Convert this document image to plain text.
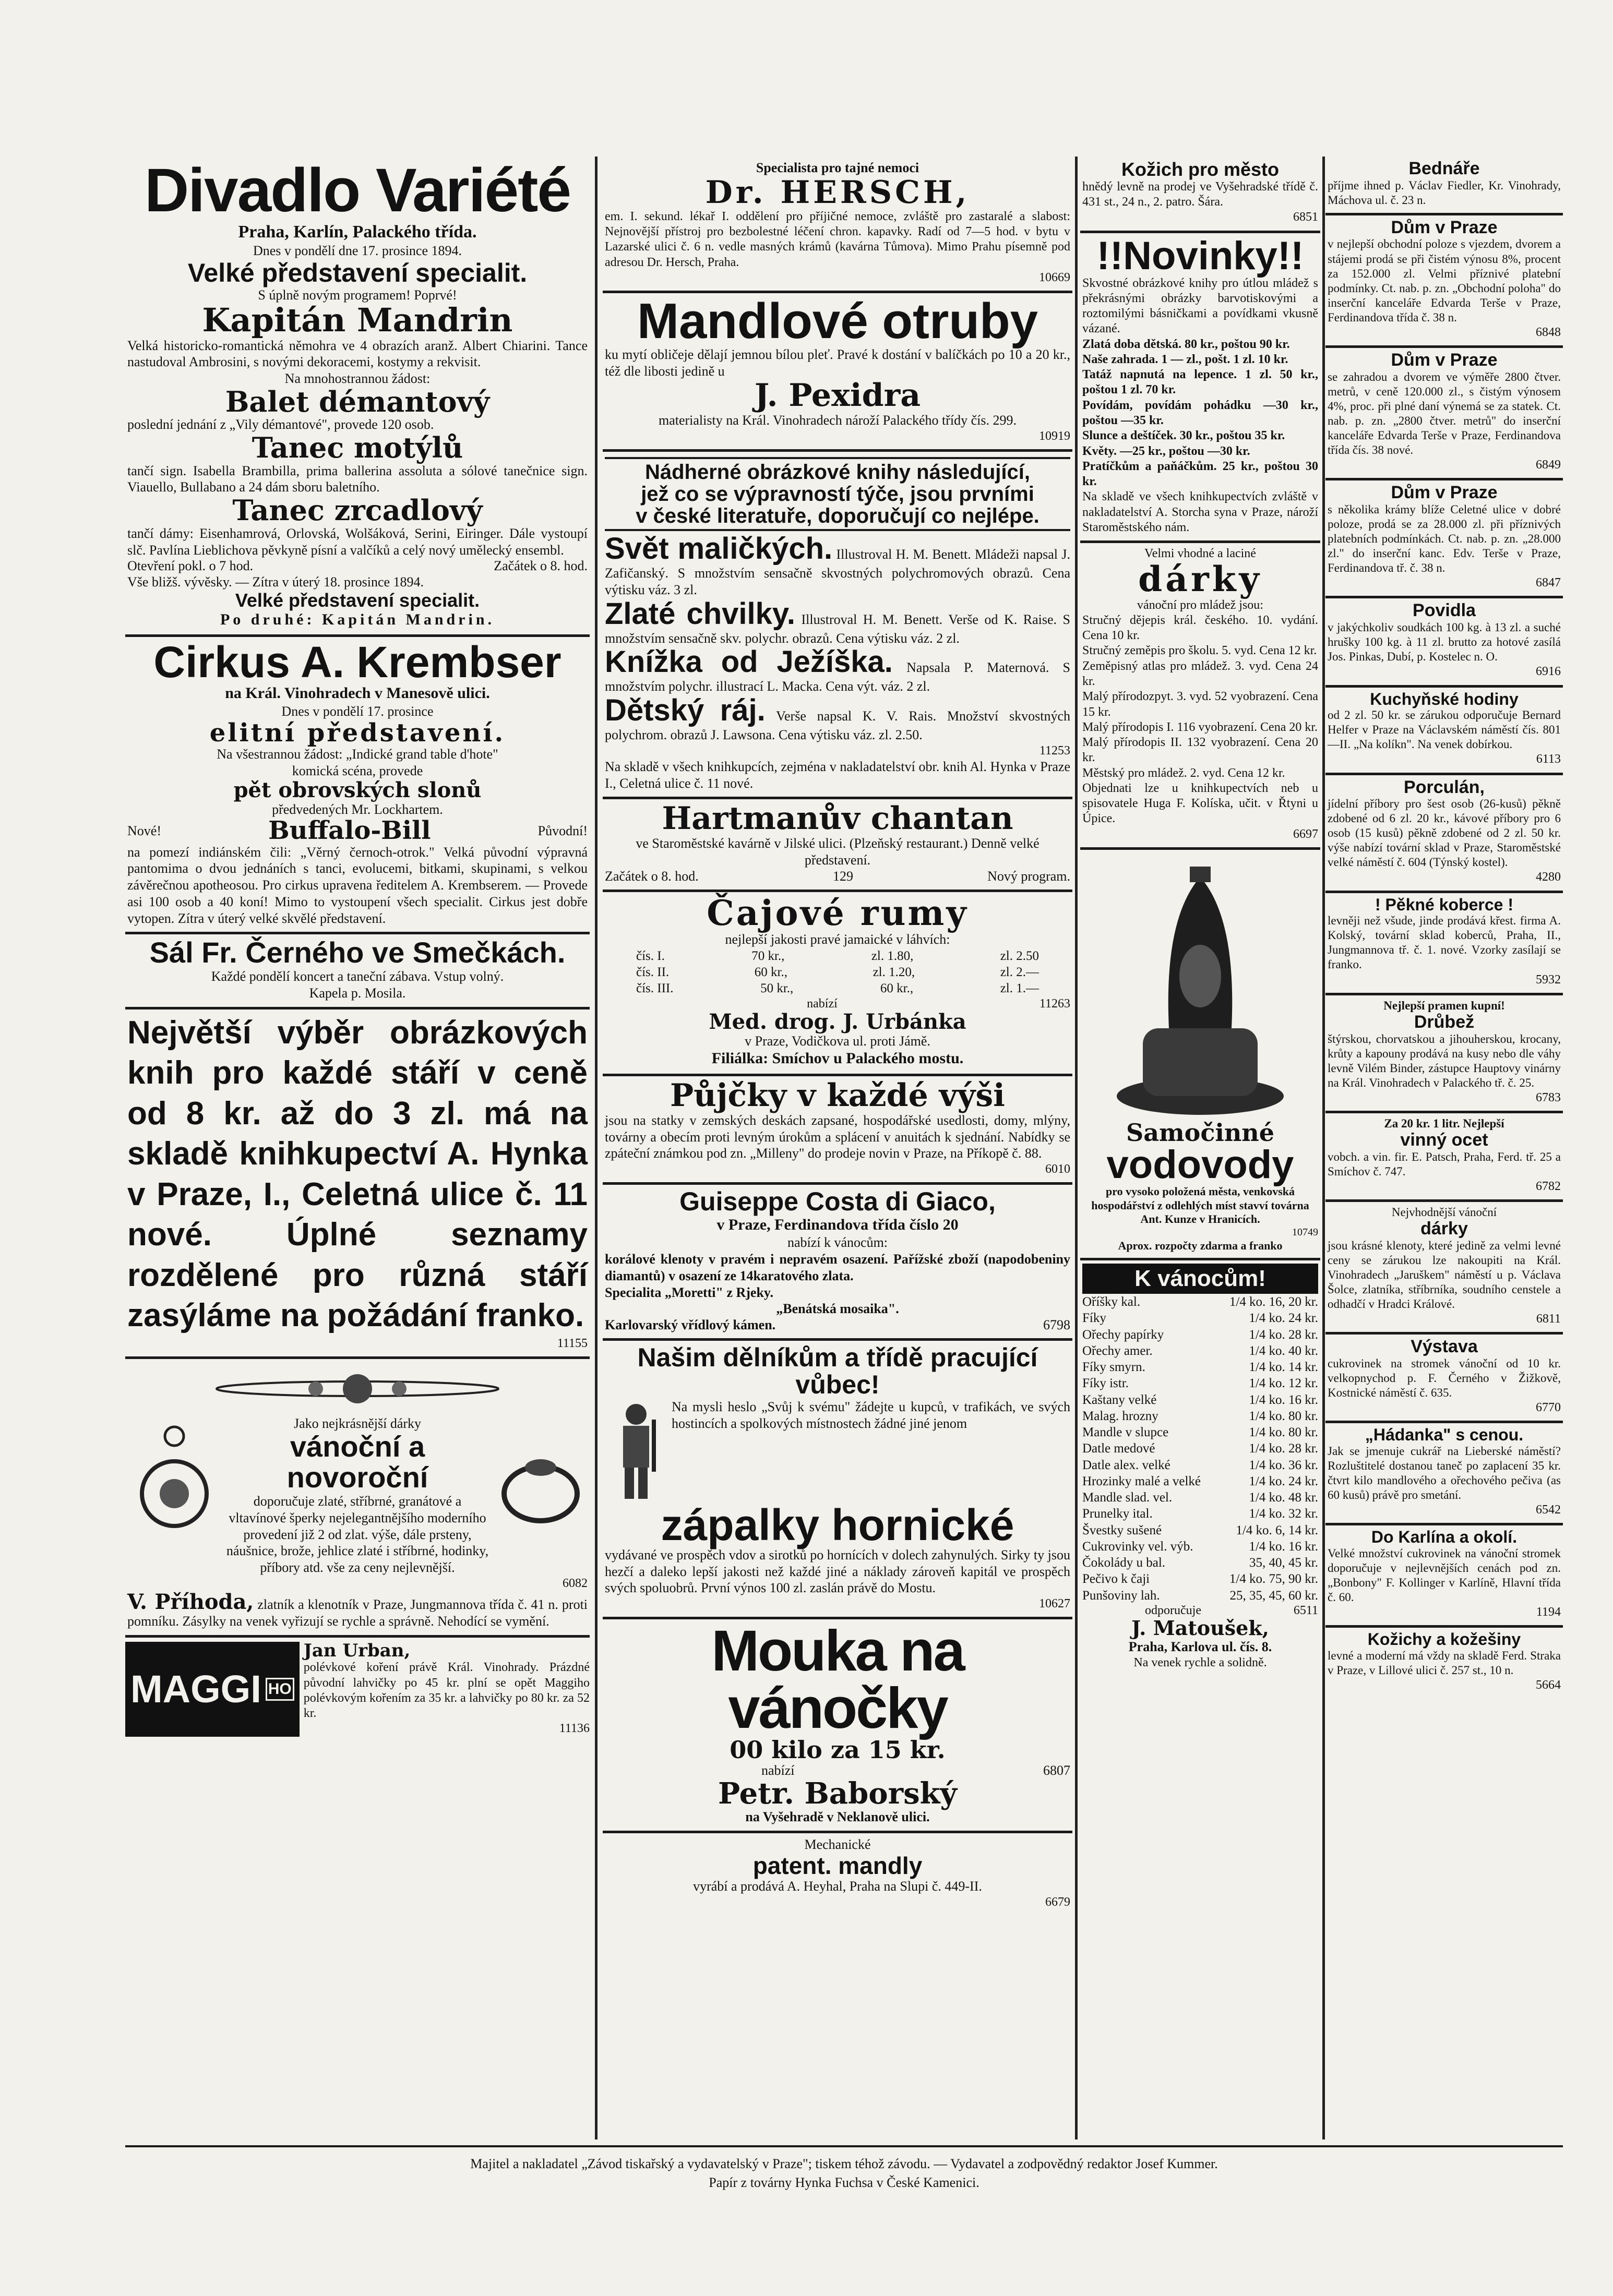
Divadlo Variété
Praha, Karlín, Palackého třída.
Dnes v pondělí dne 17. prosince 1894.
Velké představení specialit.
S úplně novým programem! Poprvé!
Kapitán Mandrin
Velká historicko-romantická němohra ve 4 obrazích aranž. Albert Chiarini. Tance nastudoval Ambrosini, s novými dekoracemi, kostymy a rekvisit.
Na mnohostrannou žádost:
Balet démantový
poslední jednání z „Vily démantové", provede 120 osob.
Tanec motýlů
tančí sign. Isabella Brambilla, prima ballerina assoluta a sólové tanečnice sign. Viauello, Bullabano a 24 dám sboru baletního.
Tanec zrcadlový
tančí dámy: Eisenhamrová, Orlovská, Wolšáková, Serini, Eiringer. Dále vystoupí slč. Pavlína Lieblichova pěvkyně písní a valčíků a celý nový umělecký ensembl.
Otevření pokl. o 7 hod.	Začátek o 8. hod.
Vše bližš. vývěsky. — Zítra v úterý 18. prosince 1894.
Velké představení specialit.
Po druhé: Kapitán Mandrin.
Cirkus A. Krembser
na Král. Vinohradech v Manesově ulici.
Dnes v pondělí 17. prosince
elitní představení.
Na všestrannou žádost: „Indické grand table d'hote"
komická scéna, provede
pět obrovských slonů
předvedených Mr. Lockhartem.
Nové!	Buffalo-Bill	Původní!
na pomezí indiánském čili: „Věrný černoch-otrok." Velká původní výpravná pantomima o dvou jednáních s tanci, evolucemi, bitkami, skupinami, s velkou závěrečnou apotheosou. Pro cirkus upravena ředitelem A. Krembserem. — Provede asi 100 osob a 40 koní! Mimo to vystoupení všech specialit. Cirkus jest dobře vytopen. Zítra v úterý velké skvělé představení.
Sál Fr. Černého ve Smečkách.
Každé pondělí koncert a taneční zábava. Vstup volný.
Kapela p. Mosila.
Největší výběr obrázkových knih pro každé stáří v ceně od 8 kr. až do 3 zl. má na skladě knihkupectví A. Hynka v Praze, I., Celetná ulice č. 11 nové. Úplné seznamy rozdělené pro různá stáří zasýláme na požádání franko.
11155
Jako nejkrásnější dárky
vánoční a novoroční
doporučuje zlaté, stříbrné, granátové a vltavínové šperky nejelegantnějšího moderního provedení již 2 od zlat. výše, dále prsteny, náušnice, brože, jehlice zlaté i stříbrné, hodinky, příbory atd. vše za ceny nejlevnější.
6082
V. Příhoda, zlatník a klenotník v Praze, Jungmannova třída č. 41 n. proti pomníku. Zásylky na venek vyřizují se rychle a správně. Nehodící se vymění.
MAGGI HO
Jan Urban,
polévkové koření právě Král. Vinohrady. Prázdné původní lahvičky po 45 kr. plní se opět Maggiho polévkovým kořením za 35 kr. a lahvičky po 80 kr. za 52 kr.
11136
Specialista pro tajné nemoci
Dr. HERSCH,
em. I. sekund. lékař I. oddělení pro příjičné nemoce, zvláště pro zastaralé a slabost: Nejnovější přístroj pro bezbolestné léčení chron. kapavky. Radí od 7—5 hod. v bytu v Lazarské ulici č. 6 n. vedle masných krámů (kavárna Tůmova). Mimo Prahu písemně pod adresou Dr. Hersch, Praha.
10669
Mandlové otruby
ku mytí obličeje dělají jemnou bílou pleť. Pravé k dostání v balíčkách po 10 a 20 kr., též dle libosti jedině u
J. Pexidra
materialisty na Král. Vinohradech nároží Palackého třídy čís. 299.
10919
Nádherné obrázkové knihy následující,
jež co se výpravností týče, jsou prvními
v české literatuře, doporučují co nejlépe.
Svět maličkých. Illustroval H. M. Benett. Mládeži napsal J. Zafičanský. S množstvím sensačně skvostných polychromových obrazů. Cena výtisku váz. 3 zl.
Zlaté chvilky. Illustroval H. M. Benett. Verše od K. Raise. S množstvím sensačně skv. polychr. obrazů. Cena výtisku váz. 2 zl.
Knížka od Ježíška. Napsala P. Maternová. S množstvím polychr. illustrací L. Macka. Cena výt. váz. 2 zl.
Dětský ráj. Verše napsal K. V. Rais. Množství skvostných polychrom. obrazů J. Lawsona. Cena výtisku váz. zl. 2.50.
11253
Na skladě v všech knihkupcích, zejména v nakladatelství obr. knih Al. Hynka v Praze I., Celetná ulice č. 11 nové.
Hartmanův chantan
ve Staroměstské kavárně v Jilské ulici. (Plzeňský restaurant.) Denně velké představení.
Začátek o 8. hod.	129	Nový program.
Čajové rumy
nejlepší jakosti pravé jamaické v láhvích:
čís. I.	70 kr.,	zl. 1.80,	zl. 2.50
čís. II.	60 kr.,	zl. 1.20,	zl. 2.—
čís. III.	50 kr.,	60 kr.,	zl. 1.—
nabízí	11263
Med. drog. J. Urbánka
v Praze, Vodičkova ul. proti Jámě.
Filiálka: Smíchov u Palackého mostu.
Půjčky v každé výši
jsou na statky v zemských deskách zapsané, hospodářské usedlosti, domy, mlýny, továrny a obecím proti levným úrokům a splácení v anuitách k sjednání. Nabídky se zpáteční známkou pod zn. „Milleny" do prodeje novin v Praze, na Příkopě č. 88.
6010
Guiseppe Costa di Giaco,
v Praze, Ferdinandova třída číslo 20
nabízí k vánocům:
korálové klenoty v pravém i nepravém osazení. Pařížské zboží (napodobeniny diamantů) v osazení ze 14karatového zlata.
Specialita „Moretti" z Rjeky.
„Benátská mosaika".
Karlovarský vřídlový kámen.	6798
Našim dělníkům a třídě pracující vůbec!
Na mysli heslo „Svůj k svému" žádejte u kupců, v trafikách, ve svých hostincích a spolkových místnostech žádné jiné jenom
zápalky hornické
vydávané ve prospěch vdov a sirotků po hornících v dolech zahynulých. Sirky ty jsou hezčí a daleko lepší jakosti než každé jiné a náklady zároveň kapitál ve prospěch svých spoluobrů. První výnos 100 zl. zaslán právě do Mostu.
10627
Mouka na vánočky
00 kilo za 15 kr.
nabízí	6807
Petr. Baborský
na Vyšehradě v Neklanově ulici.
Mechanické
patent. mandly
vyrábí a prodává A. Heyhal, Praha na Slupi č. 449-II.
6679
Kožich pro město
hnědý levně na prodej ve Vyšehradské třídě č. 431 st., 24 n., 2. patro. Šára.
6851
!!Novinky!!
Skvostné obrázkové knihy pro útlou mládež s překrásnými obrázky barvotiskovými a roztomilými básničkami a povídkami vkusně vázané.
Zlatá doba dětská. 80 kr., poštou 90 kr.
Naše zahrada. 1 — zl., pošt. 1 zl. 10 kr.
Tatáž napnutá na lepence. 1 zl. 50 kr., poštou 1 zl. 70 kr.
Povídám, povídám pohádku —30 kr., poštou —35 kr.
Slunce a deštíček. 30 kr., poštou 35 kr.
Květy. —25 kr., poštou —30 kr.
Pratíčkům a paňáčkům. 25 kr., poštou 30 kr.
Na skladě ve všech knihkupectvích zvláště v nakladatelství A. Storcha syna v Praze, nároží Staroměstského nám.
Velmi vhodné a laciné
dárky
vánoční pro mládež jsou:
Stručný dějepis král. českého. 10. vydání. Cena 10 kr.
Stručný zeměpis pro školu. 5. vyd. Cena 12 kr.
Zeměpisný atlas pro mládež. 3. vyd. Cena 24 kr.
Malý přírodozpyt. 3. vyd. 52 vyobrazení. Cena 15 kr.
Malý přírodopis I. 116 vyobrazení. Cena 20 kr.
Malý přírodopis II. 132 vyobrazení. Cena 20 kr.
Městský pro mládež. 2. vyd. Cena 12 kr.
Objednati lze u knihkupectvích neb u spisovatele Huga F. Kolíska, učit. v Řtyni u Úpice.
6697
Samočinné
vodovody
pro vysoko položená města, venkovská hospodářství z odlehlých míst stavví továrna Ant. Kunze v Hranicích.
10749
Aprox. rozpočty zdarma a franko
K vánocům!
Oříšky kal.	1/4 ko. 16, 20 kr.
Fíky	1/4 ko. 24 kr.
Ořechy papírky	1/4 ko. 28 kr.
Ořechy amer.	1/4 ko. 40 kr.
Fíky smyrn.	1/4 ko. 14 kr.
Fíky istr.	1/4 ko. 12 kr.
Kaštany velké	1/4 ko. 16 kr.
Malag. hrozny	1/4 ko. 80 kr.
Mandle v slupce	1/4 ko. 80 kr.
Datle medové	1/4 ko. 28 kr.
Datle alex. velké	1/4 ko. 36 kr.
Hrozinky malé a velké	1/4 ko. 24 kr.
Mandle slad. vel.	1/4 ko. 48 kr.
Prunelky ital.	1/4 ko. 32 kr.
Švestky sušené	1/4 ko. 6, 14 kr.
Cukrovinky vel. výb.	1/4 ko. 16 kr.
Čokolády u bal.	35, 40, 45 kr.
Pečivo k čaji	1/4 ko. 75, 90 kr.
Punšoviny lah.	25, 35, 45, 60 kr.
odporučuje	6511
J. Matoušek,
Praha, Karlova ul. čís. 8.
Na venek rychle a solidně.
Bednáře
příjme ihned p. Václav Fiedler, Kr. Vinohrady, Máchova ul. č. 23 n.
Dům v Praze
v nejlepší obchodní poloze s vjezdem, dvorem a stájemi prodá se při čistém výnosu 8%, procent za 152.000 zl. Velmi příznivé platební podmínky. Ct. nab. p. zn. „Obchodní poloha" do inserční kanceláře Edvarda Terše v Praze, Ferdinandova třída č. 38 n.
6848
Dům v Praze
se zahradou a dvorem ve výměře 2800 čtver. metrů, v ceně 120.000 zl., s čistým výnosem 4%, proc. při plné daní výnemá se za statek. Ct. nab. p. zn. „2800 čtver. metrů" do inserční kanceláře Edvarda Terše v Praze, Ferdinandova třída čís. 38 nové.
6849
Dům v Praze
s několika krámy blíže Celetné ulice v dobré poloze, prodá se za 28.000 zl. při příznivých platebních podmínkách. Ct. nab. p. zn. „28.000 zl." do inserční kanc. Edv. Terše v Praze, Ferdinandova tř. č. 38 n.
6847
Povidla
v jakýchkoliv soudkách 100 kg. à 13 zl. a suché hrušky 100 kg. à 11 zl. brutto za hotové zasílá Jos. Pinkas, Dubí, p. Kostelec n. O.
6916
Kuchyňské hodiny
od 2 zl. 50 kr. se zárukou odporučuje Bernard Helfer v Praze na Václavském náměstí čís. 801—II. „Na kolíkn". Na venek dobírkou.
6113
Porculán,
jídelní příbory pro šest osob (26-kusů) pěkně zdobené od 6 zl. 20 kr., kávové příbory pro 6 osob (15 kusů) pěkně zdobené od 2 zl. 50 kr. výše nabízí tovární sklad v Praze, Staroměstské velké náměstí č. 604 (Týnský kostel).
4280
! Pěkné koberce !
levněji než všude, jinde prodává křest. firma A. Kolský, tovární sklad koberců, Praha, II., Jungmannova tř. č. 1. nové. Vzorky zasílají se franko.
5932
Nejlepší pramen kupní!
Drůbež
štýrskou, chorvatskou a jihouherskou, krocany, krůty a kapouny prodává na kusy nebo dle váhy levně Vilém Binder, zástupce Hauptovy vinárny na Král. Vinohradech v Palackého tř. č. 25.
6783
Za 20 kr. 1 litr. Nejlepší
vinný ocet
vobch. a vin. fir. E. Patsch, Praha, Ferd. tř. 25 a Smíchov č. 747.
6782
Nejvhodnější vánoční
dárky
jsou krásné klenoty, které jedině za velmi levné ceny se zárukou lze nakoupiti na Král. Vinohradech „Jaruškem" náměstí u p. Václava Šolce, zlatníka, stříbrníka, soudního censtele a odhadčí v Hradci Králové.
6811
Výstava
cukrovinek na stromek vánoční od 10 kr. velkopnychod p. F. Černého v Žižkově, Kostnické náměstí č. 635.
6770
„Hádanka" s cenou.
Jak se jmenuje cukrář na Lieberské náměstí? Rozluštitelé dostanou taneč po zaplacení 35 kr. čtvrt kilo mandlového a ořechového pečiva (as 60 kusů) právě pro smetání.
6542
Do Karlína a okolí.
Velké množství cukrovinek na vánoční stromek doporučuje v nejlevnějších cenách pod zn. „Bonbony" F. Kollinger v Karlíně, Hlavní třída č. 60.
1194
Kožichy a kožešiny
levné a moderní má vždy na skladě Ferd. Straka v Praze, v Lillové ulici č. 257 st., 10 n.
5664
Majitel a nakladatel „Závod tiskařský a vydavatelský v Praze"; tiskem téhož závodu. — Vydavatel a zodpovědný redaktor Josef Kummer.
Papír z továrny Hynka Fuchsa v České Kamenici.
